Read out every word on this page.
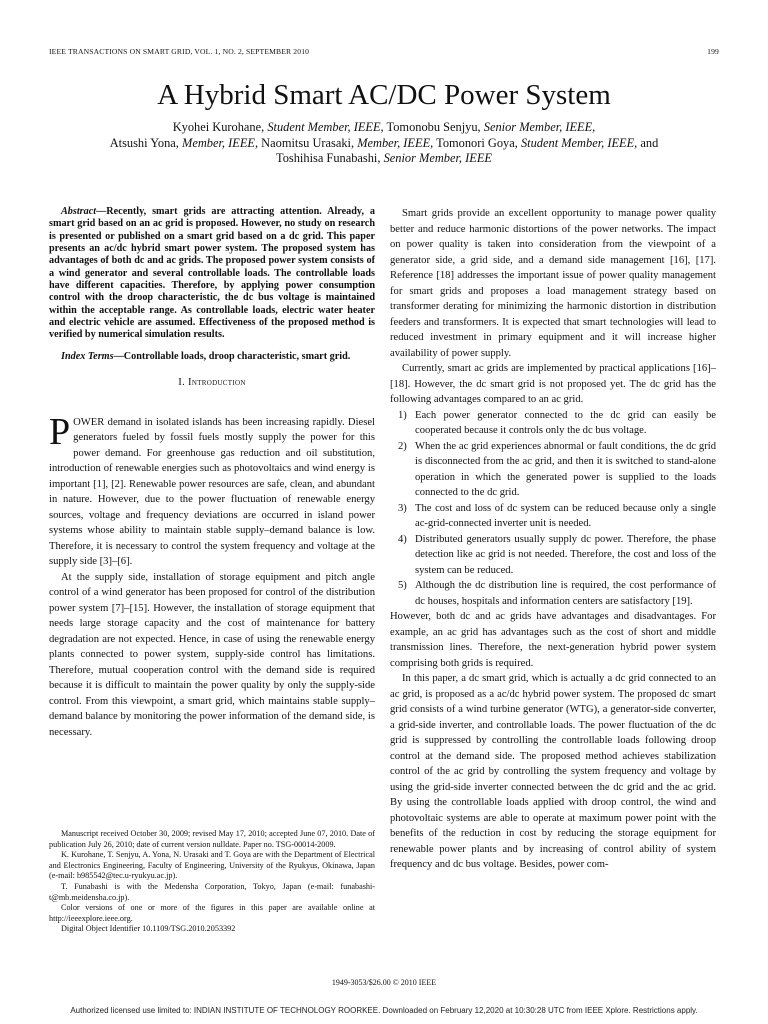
IEEE TRANSACTIONS ON SMART GRID, VOL. 1, NO. 2, SEPTEMBER 2010	199
A Hybrid Smart AC/DC Power System
Kyohei Kurohane, Student Member, IEEE, Tomonobu Senjyu, Senior Member, IEEE,
Atsushi Yona, Member, IEEE, Naomitsu Urasaki, Member, IEEE, Tomonori Goya, Student Member, IEEE, and
Toshihisa Funabashi, Senior Member, IEEE

Abstract—Recently, smart grids are attracting attention. Already, a smart grid based on an ac grid is proposed. However, no study on research is presented or published on a smart grid based on a dc grid. This paper presents an ac/dc hybrid smart power system. The proposed system has advantages of both dc and ac grids. The proposed power system consists of a wind generator and several controllable loads. The controllable loads have different capacities. Therefore, by applying power consumption control with the droop characteristic, the dc bus voltage is maintained within the acceptable range. As controllable loads, electric water heater and electric vehicle are assumed. Effectiveness of the proposed method is verified by numerical simulation results.

Index Terms—Controllable loads, droop characteristic, smart grid.

I. Introduction

POWER demand in isolated islands has been increasing rapidly. Diesel generators fueled by fossil fuels mostly supply the power for this power demand. For greenhouse gas reduction and oil substitution, introduction of renewable energies such as photovoltaics and wind energy is important [1], [2]. Renewable power resources are safe, clean, and abundant in nature. However, due to the power fluctuation of renewable energy sources, voltage and frequency deviations are occurred in island power systems whose ability to maintain stable supply–demand balance is low. Therefore, it is necessary to control the system frequency and voltage at the supply side [3]–[6].

At the supply side, installation of storage equipment and pitch angle control of a wind generator has been proposed for control of the distribution power system [7]–[15]. However, the installation of storage equipment that needs large storage capacity and the cost of maintenance for battery degradation are not expected. Hence, in case of using the renewable energy plants connected to power system, supply-side control has limitations. Therefore, mutual cooperation control with the demand side is required because it is difficult to maintain the power quality by only the supply-side control. From this viewpoint, a smart grid, which maintains stable supply–demand balance by monitoring the power information of the demand side, is necessary.

Smart grids provide an excellent opportunity to manage power quality better and reduce harmonic distortions of the power networks. The impact on power quality is taken into consideration from the viewpoint of a generator side, a grid side, and a demand side management [16], [17]. Reference [18] addresses the important issue of power quality management for smart grids and proposes a load management strategy based on transformer derating for minimizing the harmonic distortion in distribution feeders and transformers. It is expected that smart technologies will lead to reduced investment in primary equipment and it will increase higher availability of power supply.

Currently, smart ac grids are implemented by practical applications [16]–[18]. However, the dc smart grid is not proposed yet. The dc grid has the following advantages compared to an ac grid.

1) Each power generator connected to the dc grid can easily be cooperated because it controls only the dc bus voltage.
2) When the ac grid experiences abnormal or fault conditions, the dc grid is disconnected from the ac grid, and then it is switched to stand-alone operation in which the generated power is supplied to the loads connected to the dc grid.
3) The cost and loss of dc system can be reduced because only a single ac-grid-connected inverter unit is needed.
4) Distributed generators usually supply dc power. Therefore, the phase detection like ac grid is not needed. Therefore, the cost and loss of the system can be reduced.
5) Although the dc distribution line is required, the cost performance of dc houses, hospitals and information centers are satisfactory [19].

However, both dc and ac grids have advantages and disadvantages. For example, an ac grid has advantages such as the cost of short and middle transmission lines. Therefore, the next-generation hybrid power system comprising both grids is required.

In this paper, a dc smart grid, which is actually a dc grid connected to an ac grid, is proposed as a ac/dc hybrid power system. The proposed dc smart grid consists of a wind turbine generator (WTG), a generator-side converter, a grid-side inverter, and controllable loads. The power fluctuation of the dc grid is suppressed by controlling the controllable loads following droop control at the demand side. The proposed method achieves stabilization control of the ac grid by controlling the system frequency and voltage by using the grid-side inverter connected between the dc grid and the ac grid. By using the controllable loads applied with droop control, the wind and photovoltaic systems are able to operate at maximum power point with the benefits of the reduction in cost by reducing the storage equipment for renewable power plants and by increasing of control ability of system frequency and dc bus voltage. Besides, power com-

Manuscript received October 30, 2009; revised May 17, 2010; accepted June 07, 2010. Date of publication July 26, 2010; date of current version nulldate. Paper no. TSG-00014-2009.

K. Kurohane, T. Senjyu, A. Yona, N. Urasaki and T. Goya are with the Department of Electrical and Electronics Engineering, Faculty of Engineering, University of the Ryukyus, Okinawa, Japan (e-mail: b985542@tec.u-ryukyu.ac.jp).

T. Funabashi is with the Medensha Corporation, Tokyo, Japan (e-mail: funabashi-t@mb.meidensha.co.jp).

Color versions of one or more of the figures in this paper are available online at http://ieeexplore.ieee.org.

Digital Object Identifier 10.1109/TSG.2010.2053392

1949-3053/$26.00 © 2010 IEEE
Authorized licensed use limited to: INDIAN INSTITUTE OF TECHNOLOGY ROORKEE. Downloaded on February 12,2020 at 10:30:28 UTC from IEEE Xplore. Restrictions apply.
